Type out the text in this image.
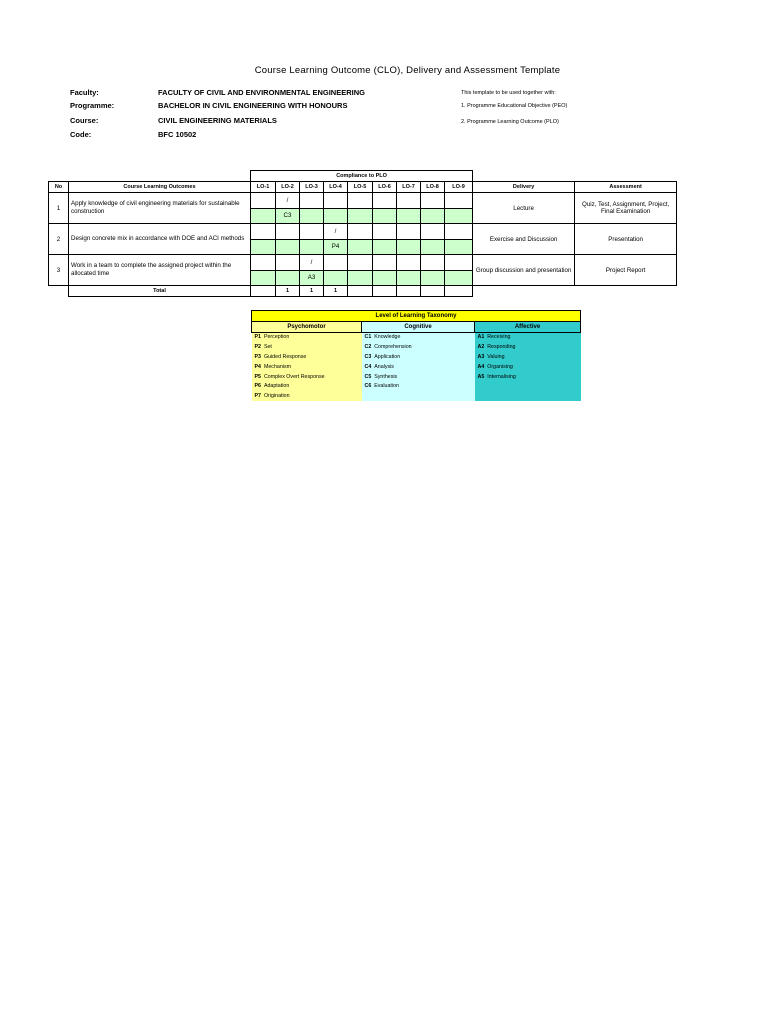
Course Learning Outcome (CLO), Delivery and Assessment Template
Faculty:	FACULTY OF CIVIL AND ENVIRONMENTAL ENGINEERING
Programme:	BACHELOR IN CIVIL ENGINEERING WITH HONOURS
Course:	CIVIL ENGINEERING MATERIALS
Code:	BFC 10502
This template to be used together with:
1. Programme Educational Objective (PEO)
2. Programme Learning Outcome (PLO)
		Compliance to PLO										
No	Course Learning Outcomes	LO-1	LO-2	LO-3	LO-4	LO-5	LO-6	LO-7	LO-8	LO-9	Delivery	Assessment
1	Apply knowledge of civil engineering materials for sustainable construction		/								Lecture	Quiz, Test, Assignment, Project, Final Examination
			C3									
2	Design concrete mix in accordance with DOE and ACI methods				/						Exercise and Discussion	Presentation
					P4							
3	Work in a team to complete the assigned project within the allocated time			/							Group discussion and presentation	Project Report
				A3								
	Total		1	1	1							
Level of Learning Taxonomy		
Psychomotor	Cognitive	Affective
P1 Perception	C1 Knowledge	A1 Receiving
P2 Set	C2 Comprehension	A2 Responding
P3 Guided Response	C3 Application	A3 Valuing
P4 Mechanism	C4 Analysis	A4 Organising
P5 Complex Overt Response	C5 Synthesis	A5 Internalising
P6 Adaptation	C6 Evaluation	
P7 Origination		
